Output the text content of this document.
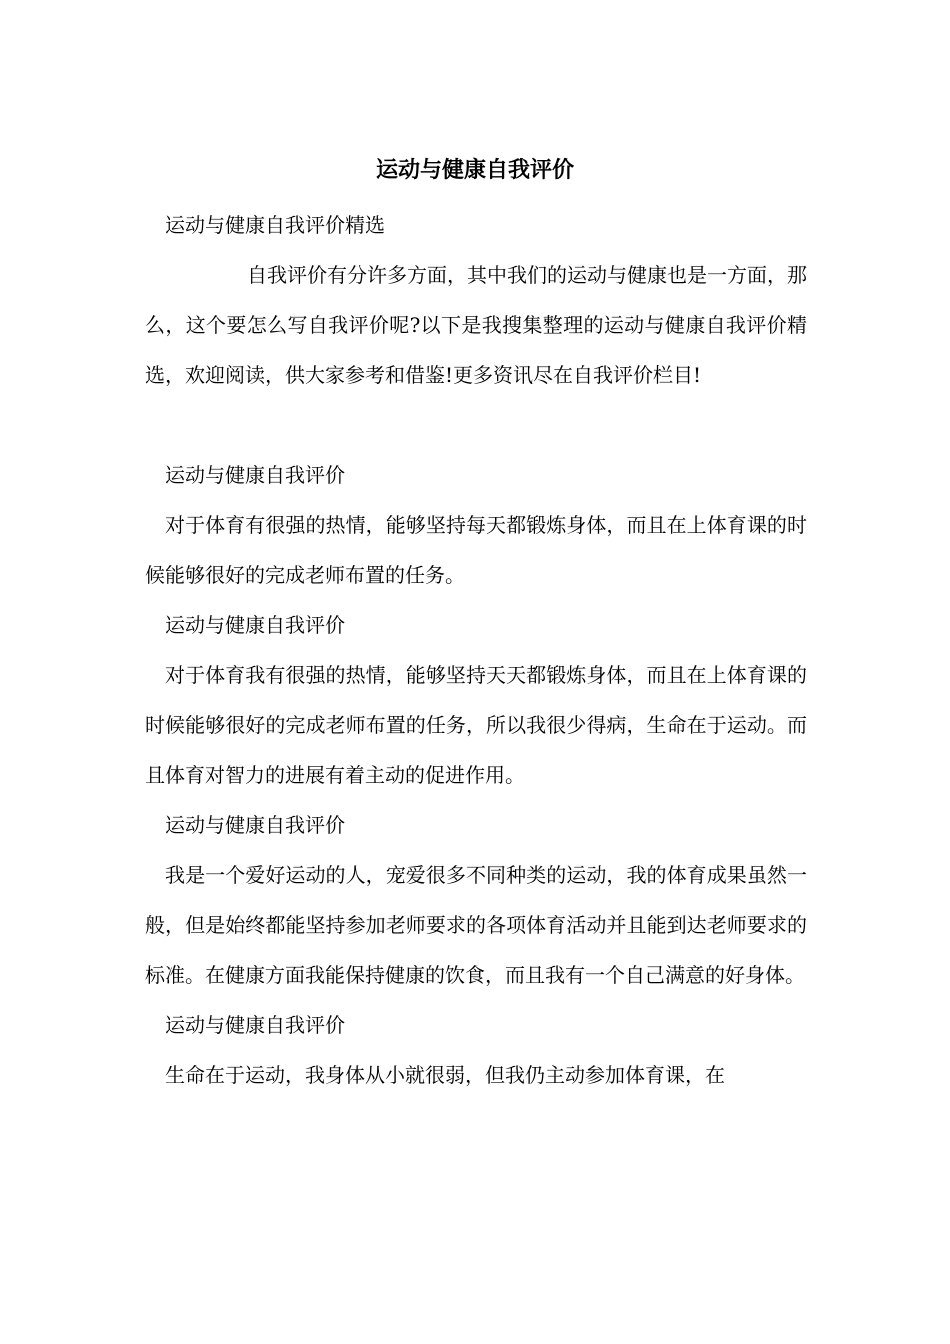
运动与健康自我评价

运动与健康自我评价精选

自我评价有分许多方面，其中我们的运动与健康也是一方面，那么，这个要怎么写自我评价呢?以下是我搜集整理的运动与健康自我评价精选，欢迎阅读，供大家参考和借鉴!更多资讯尽在自我评价栏目!

运动与健康自我评价

对于体育有很强的热情，能够坚持每天都锻炼身体，而且在上体育课的时候能够很好的完成老师布置的任务。

运动与健康自我评价

对于体育我有很强的热情，能够坚持天天都锻炼身体，而且在上体育课的时候能够很好的完成老师布置的任务，所以我很少得病，生命在于运动。而且体育对智力的进展有着主动的促进作用。

运动与健康自我评价

我是一个爱好运动的人，宠爱很多不同种类的运动，我的体育成果虽然一般，但是始终都能坚持参加老师要求的各项体育活动并且能到达老师要求的标准。在健康方面我能保持健康的饮食，而且我有一个自己满意的好身体。

运动与健康自我评价

生命在于运动，我身体从小就很弱，但我仍主动参加体育课，在
